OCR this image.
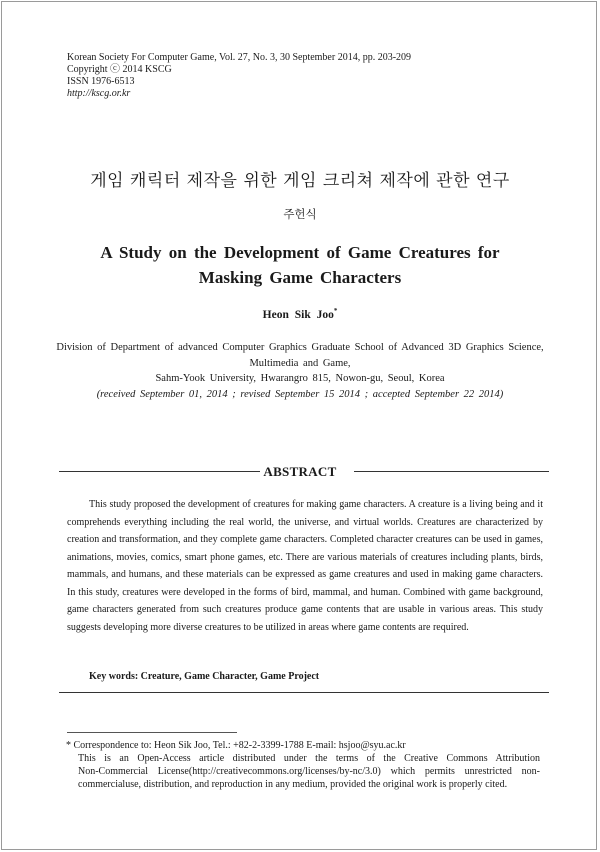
Korean Society For Computer Game, Vol. 27, No. 3, 30 September 2014, pp. 203-209
Copyright ⓒ 2014 KSCG
ISSN 1976-6513
http://kscg.or.kr
게임 캐릭터 제작을 위한 게임 크리쳐 제작에 관한 연구
주헌식
A Study on the Development of Game Creatures for Masking Game Characters
Heon Sik Joo*
Division of Department of advanced Computer Graphics Graduate School of Advanced 3D Graphics Science, Multimedia and Game,
Sahm-Yook University, Hwarangro 815, Nowon-gu, Seoul, Korea
(received September 01, 2014 ; revised September 15 2014 ; accepted September 22 2014)
ABSTRACT

This study proposed the development of creatures for making game characters. A creature is a living being and it comprehends everything including the real world, the universe, and virtual worlds. Creatures are characterized by creation and transformation, and they complete game characters. Completed character creatures can be used in games, animations, movies, comics, smart phone games, etc. There are various materials of creatures including plants, birds, mammals, and humans, and these materials can be expressed as game creatures and used in making game characters. In this study, creatures were developed in the forms of bird, mammal, and human. Combined with game background, game characters generated from such creatures produce game contents that are usable in various areas. This study suggests developing more diverse creatures to be utilized in areas where game contents are required.

Key words: Creature, Game Character, Game Project
* Correspondence to: Heon Sik Joo, Tel.: +82-2-3399-1788 E-mail: hsjoo@syu.ac.kr
This is an Open-Access article distributed under the terms of the Creative Commons Attribution
Non-Commercial License(http://creativecommons.org/licenses/by-nc/3.0) which permits unrestricted non-
commercialuse, distribution, and reproduction in any medium, provided the original work is properly cited.
